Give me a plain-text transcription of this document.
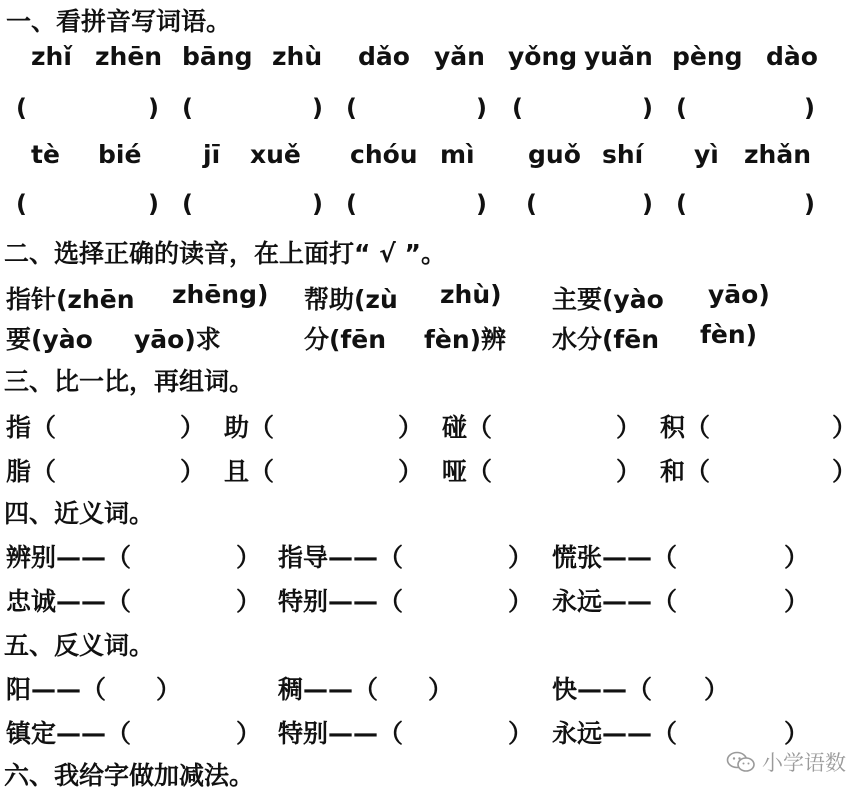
一、看拼音写词语。
zhǐ zhēn bāng zhù dǎo yǎn yǒng yuǎn pèng dào
(	) (	) (	) (	) (	)
tè bié jī xuě chóu mì guǒ shí yì zhǎn
(	) (	) (	) (	) (	)
二、选择正确的读音，在上面打“ √ ”。
指针(zhēn zhēng) 帮助(zù zhù) 主要(yào yāo)
要(yào yāo)求	分(fēn fèn)辨 水分(fēn fèn)
三、比一比，再组词。
指（	） 助（	） 碰（	） 积（	）
脂（	） 且（	） 哑（	） 和（	）
四、近义词。
辨别——（	） 指导——（	） 慌张——（	）
忠诚——（	） 特别——（	） 永远——（	）
五、反义词。
阳——（ ）	稠——（ ）	快——（ ）
镇定——（	） 特别——（	） 永远——（	）
六、我给字做加减法。	小学语数
